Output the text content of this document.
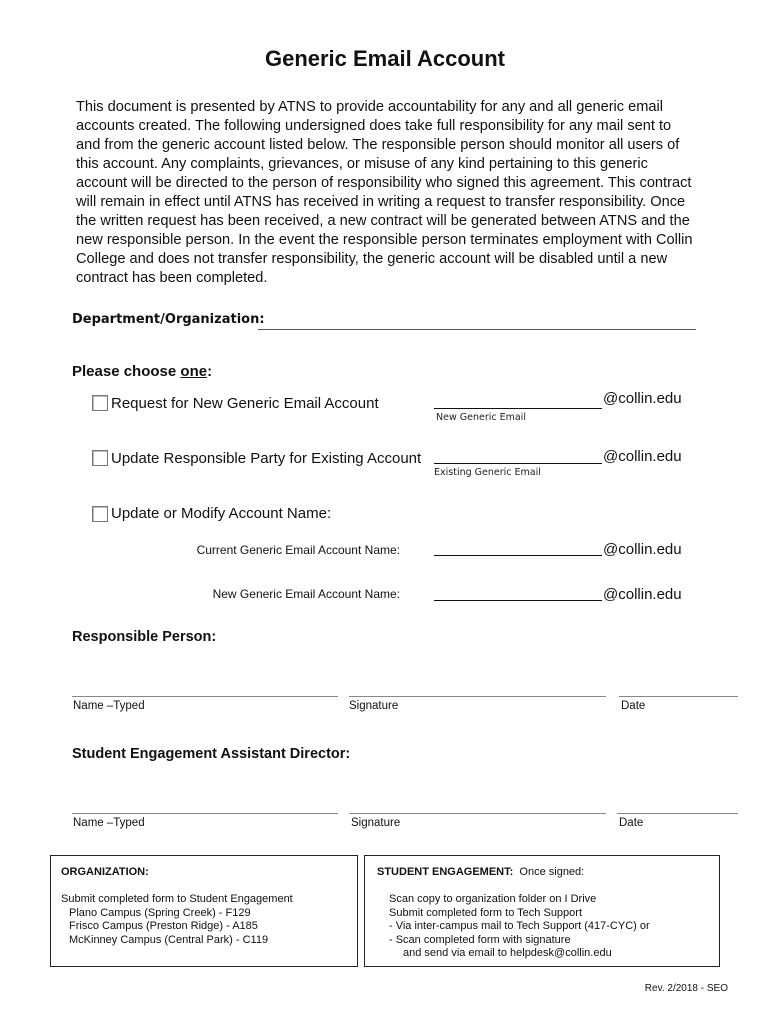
Generic Email Account

This document is presented by ATNS to provide accountability for any and all generic email accounts created. The following undersigned does take full responsibility for any mail sent to and from the generic account listed below. The responsible person should monitor all users of this account. Any complaints, grievances, or misuse of any kind pertaining to this generic account will be directed to the person of responsibility who signed this agreement. This contract will remain in effect until ATNS has received in writing a request to transfer responsibility. Once the written request has been received, a new contract will be generated between ATNS and the new responsible person. In the event the responsible person terminates employment with Collin College and does not transfer responsibility, the generic account will be disabled until a new contract has been completed.

Department/Organization:
Please choose one:
Request for New Generic Email Account	@collin.edu
New Generic Email
Update Responsible Party for Existing Account	@collin.edu
Existing Generic Email
Update or Modify Account Name:
Current Generic Email Account Name:	@collin.edu
New Generic Email Account Name:	@collin.edu
Responsible Person:
Name –Typed	Signature	Date
Student Engagement Assistant Director:
Name –Typed	Signature	Date
ORGANIZATION:
Submit completed form to Student Engagement
Plano Campus (Spring Creek) - F129
Frisco Campus (Preston Ridge) - A185
McKinney Campus (Central Park) - C119
STUDENT ENGAGEMENT: Once signed:
Scan copy to organization folder on I Drive
Submit completed form to Tech Support
- Via inter-campus mail to Tech Support (417-CYC) or
- Scan completed form with signature
and send via email to helpdesk@collin.edu
Rev. 2/2018 - SEO
